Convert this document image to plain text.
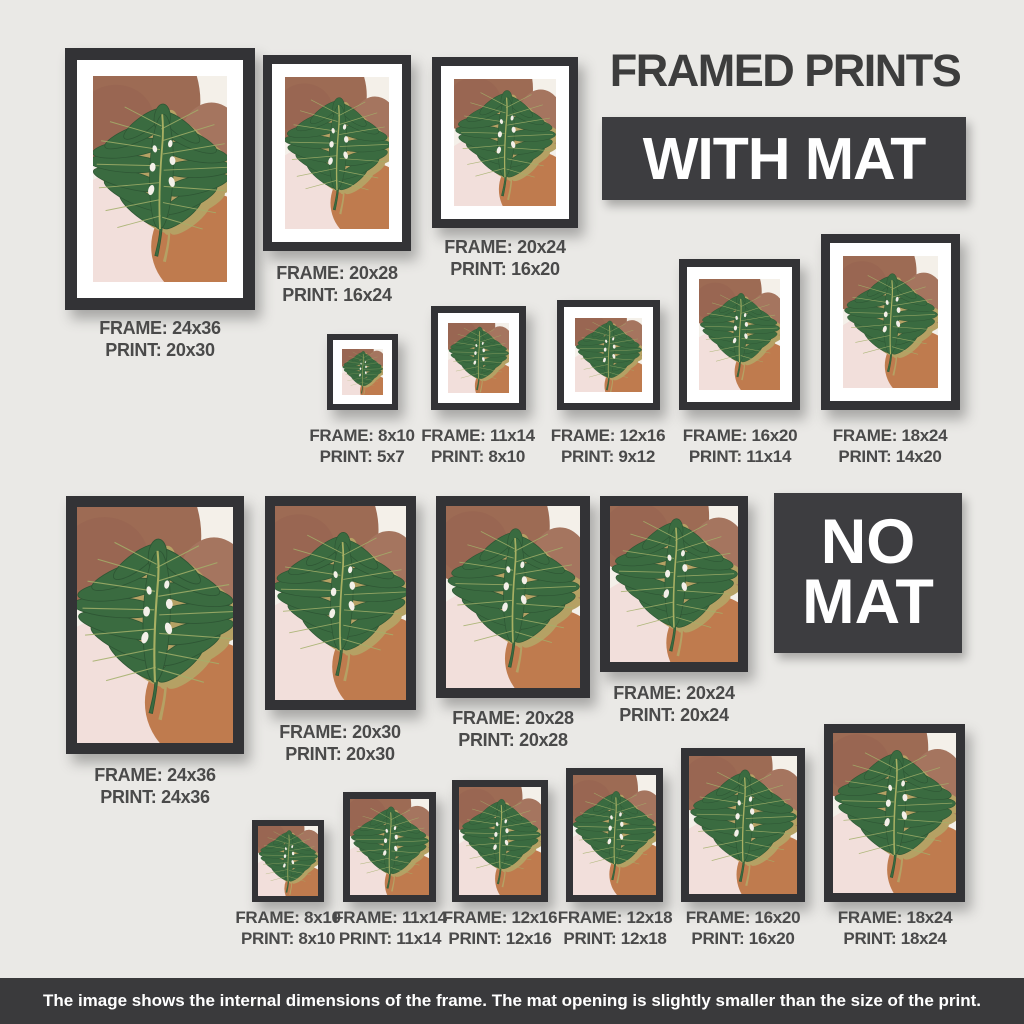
FRAMED PRINTS
WITH MAT
NO
MAT
FRAME: 24x36
PRINT: 20x30
FRAME: 20x28
PRINT: 16x24
FRAME: 20x24
PRINT: 16x20
FRAME: 8x10
PRINT: 5x7
FRAME: 11x14
PRINT: 8x10
FRAME: 12x16
PRINT: 9x12
FRAME: 16x20
PRINT: 11x14
FRAME: 18x24
PRINT: 14x20
FRAME: 24x36
PRINT: 24x36
FRAME: 20x30
PRINT: 20x30
FRAME: 20x28
PRINT: 20x28
FRAME: 20x24
PRINT: 20x24
FRAME: 8x10
PRINT: 8x10
FRAME: 11x14
PRINT: 11x14
FRAME: 12x16
PRINT: 12x16
FRAME: 12x18
PRINT: 12x18
FRAME: 16x20
PRINT: 16x20
FRAME: 18x24
PRINT: 18x24
The image shows the internal dimensions of the frame. The mat opening is slightly smaller than the size of the print.
